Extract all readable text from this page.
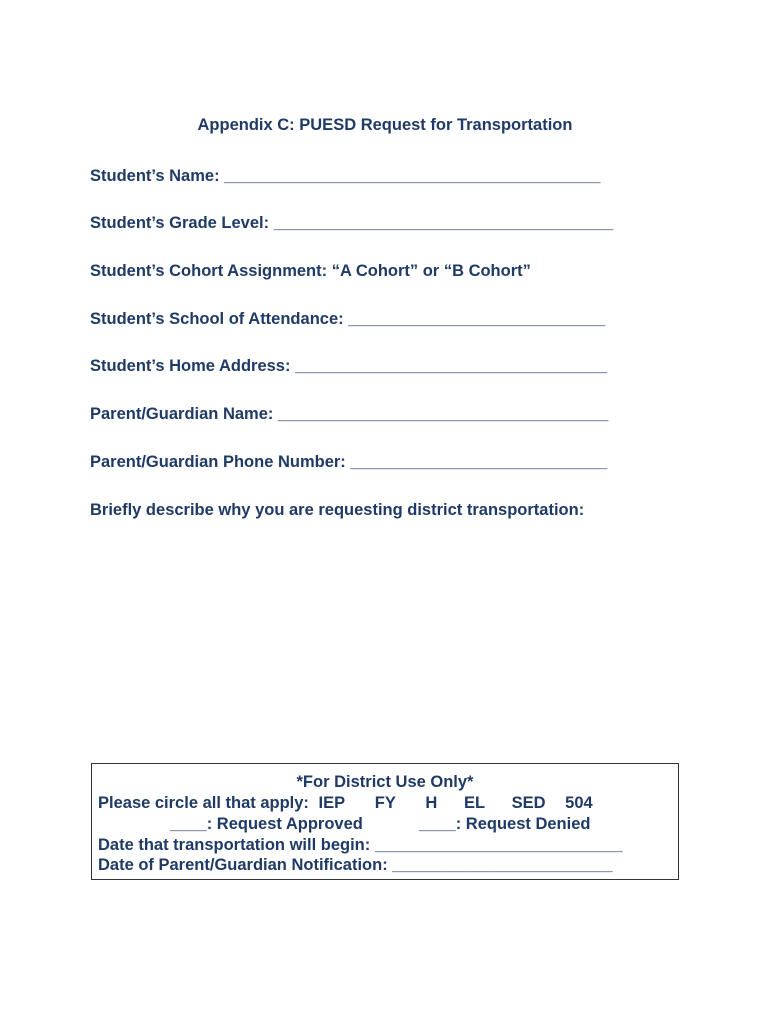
Appendix C: PUESD Request for Transportation
Student’s Name: _________________________________________
Student’s Grade Level: _____________________________________
Student’s Cohort Assignment: “A Cohort” or “B Cohort”
Student’s School of Attendance: ____________________________
Student’s Home Address: __________________________________
Parent/Guardian Name: ____________________________________
Parent/Guardian Phone Number: ____________________________
Briefly describe why you are requesting district transportation:
*For District Use Only*
Please circle all that apply: IEP FY H EL SED 504
____: Request Approved	____: Request Denied
Date that transportation will begin: ___________________________
Date of Parent/Guardian Notification: ________________________
